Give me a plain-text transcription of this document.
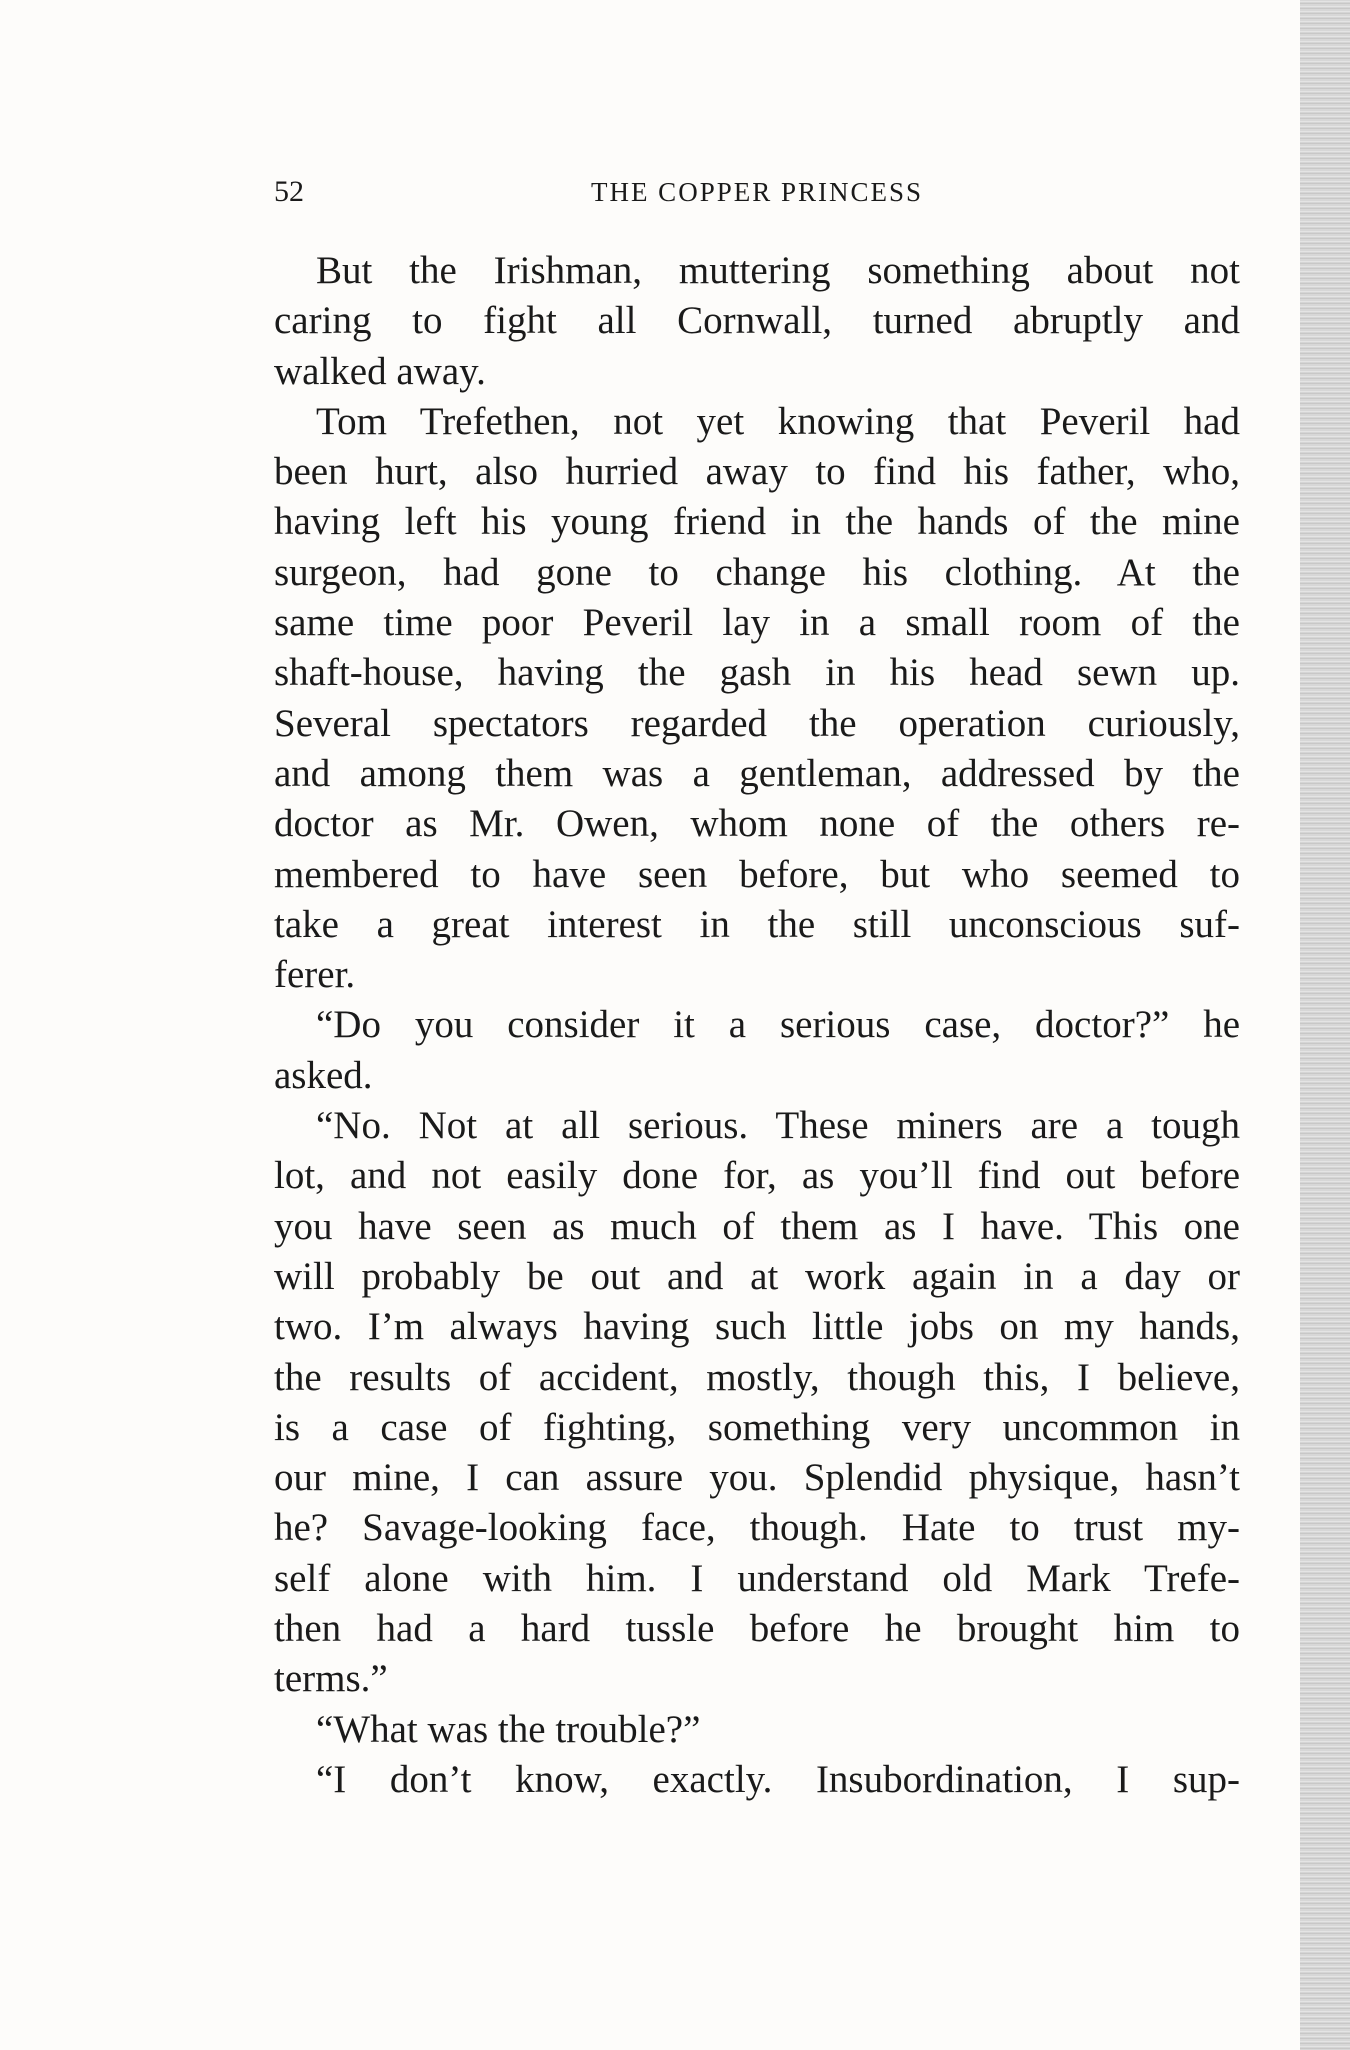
52	THE COPPER PRINCESS
But the Irishman, muttering something about not
caring to fight all Cornwall, turned abruptly and
walked away.
Tom Trefethen, not yet knowing that Peveril had
been hurt, also hurried away to find his father, who,
having left his young friend in the hands of the mine
surgeon, had gone to change his clothing. At the
same time poor Peveril lay in a small room of the
shaft-house, having the gash in his head sewn up.
Several spectators regarded the operation curiously,
and among them was a gentleman, addressed by the
doctor as Mr. Owen, whom none of the others re-
membered to have seen before, but who seemed to
take a great interest in the still unconscious suf-
ferer.
“Do you consider it a serious case, doctor?” he
asked.
“No. Not at all serious. These miners are a tough
lot, and not easily done for, as you’ll find out before
you have seen as much of them as I have. This one
will probably be out and at work again in a day or
two. I’m always having such little jobs on my hands,
the results of accident, mostly, though this, I believe,
is a case of fighting, something very uncommon in
our mine, I can assure you. Splendid physique, hasn’t
he? Savage-looking face, though. Hate to trust my-
self alone with him. I understand old Mark Trefe-
then had a hard tussle before he brought him to
terms.”
“What was the trouble?”
“I don’t know, exactly. Insubordination, I sup-
